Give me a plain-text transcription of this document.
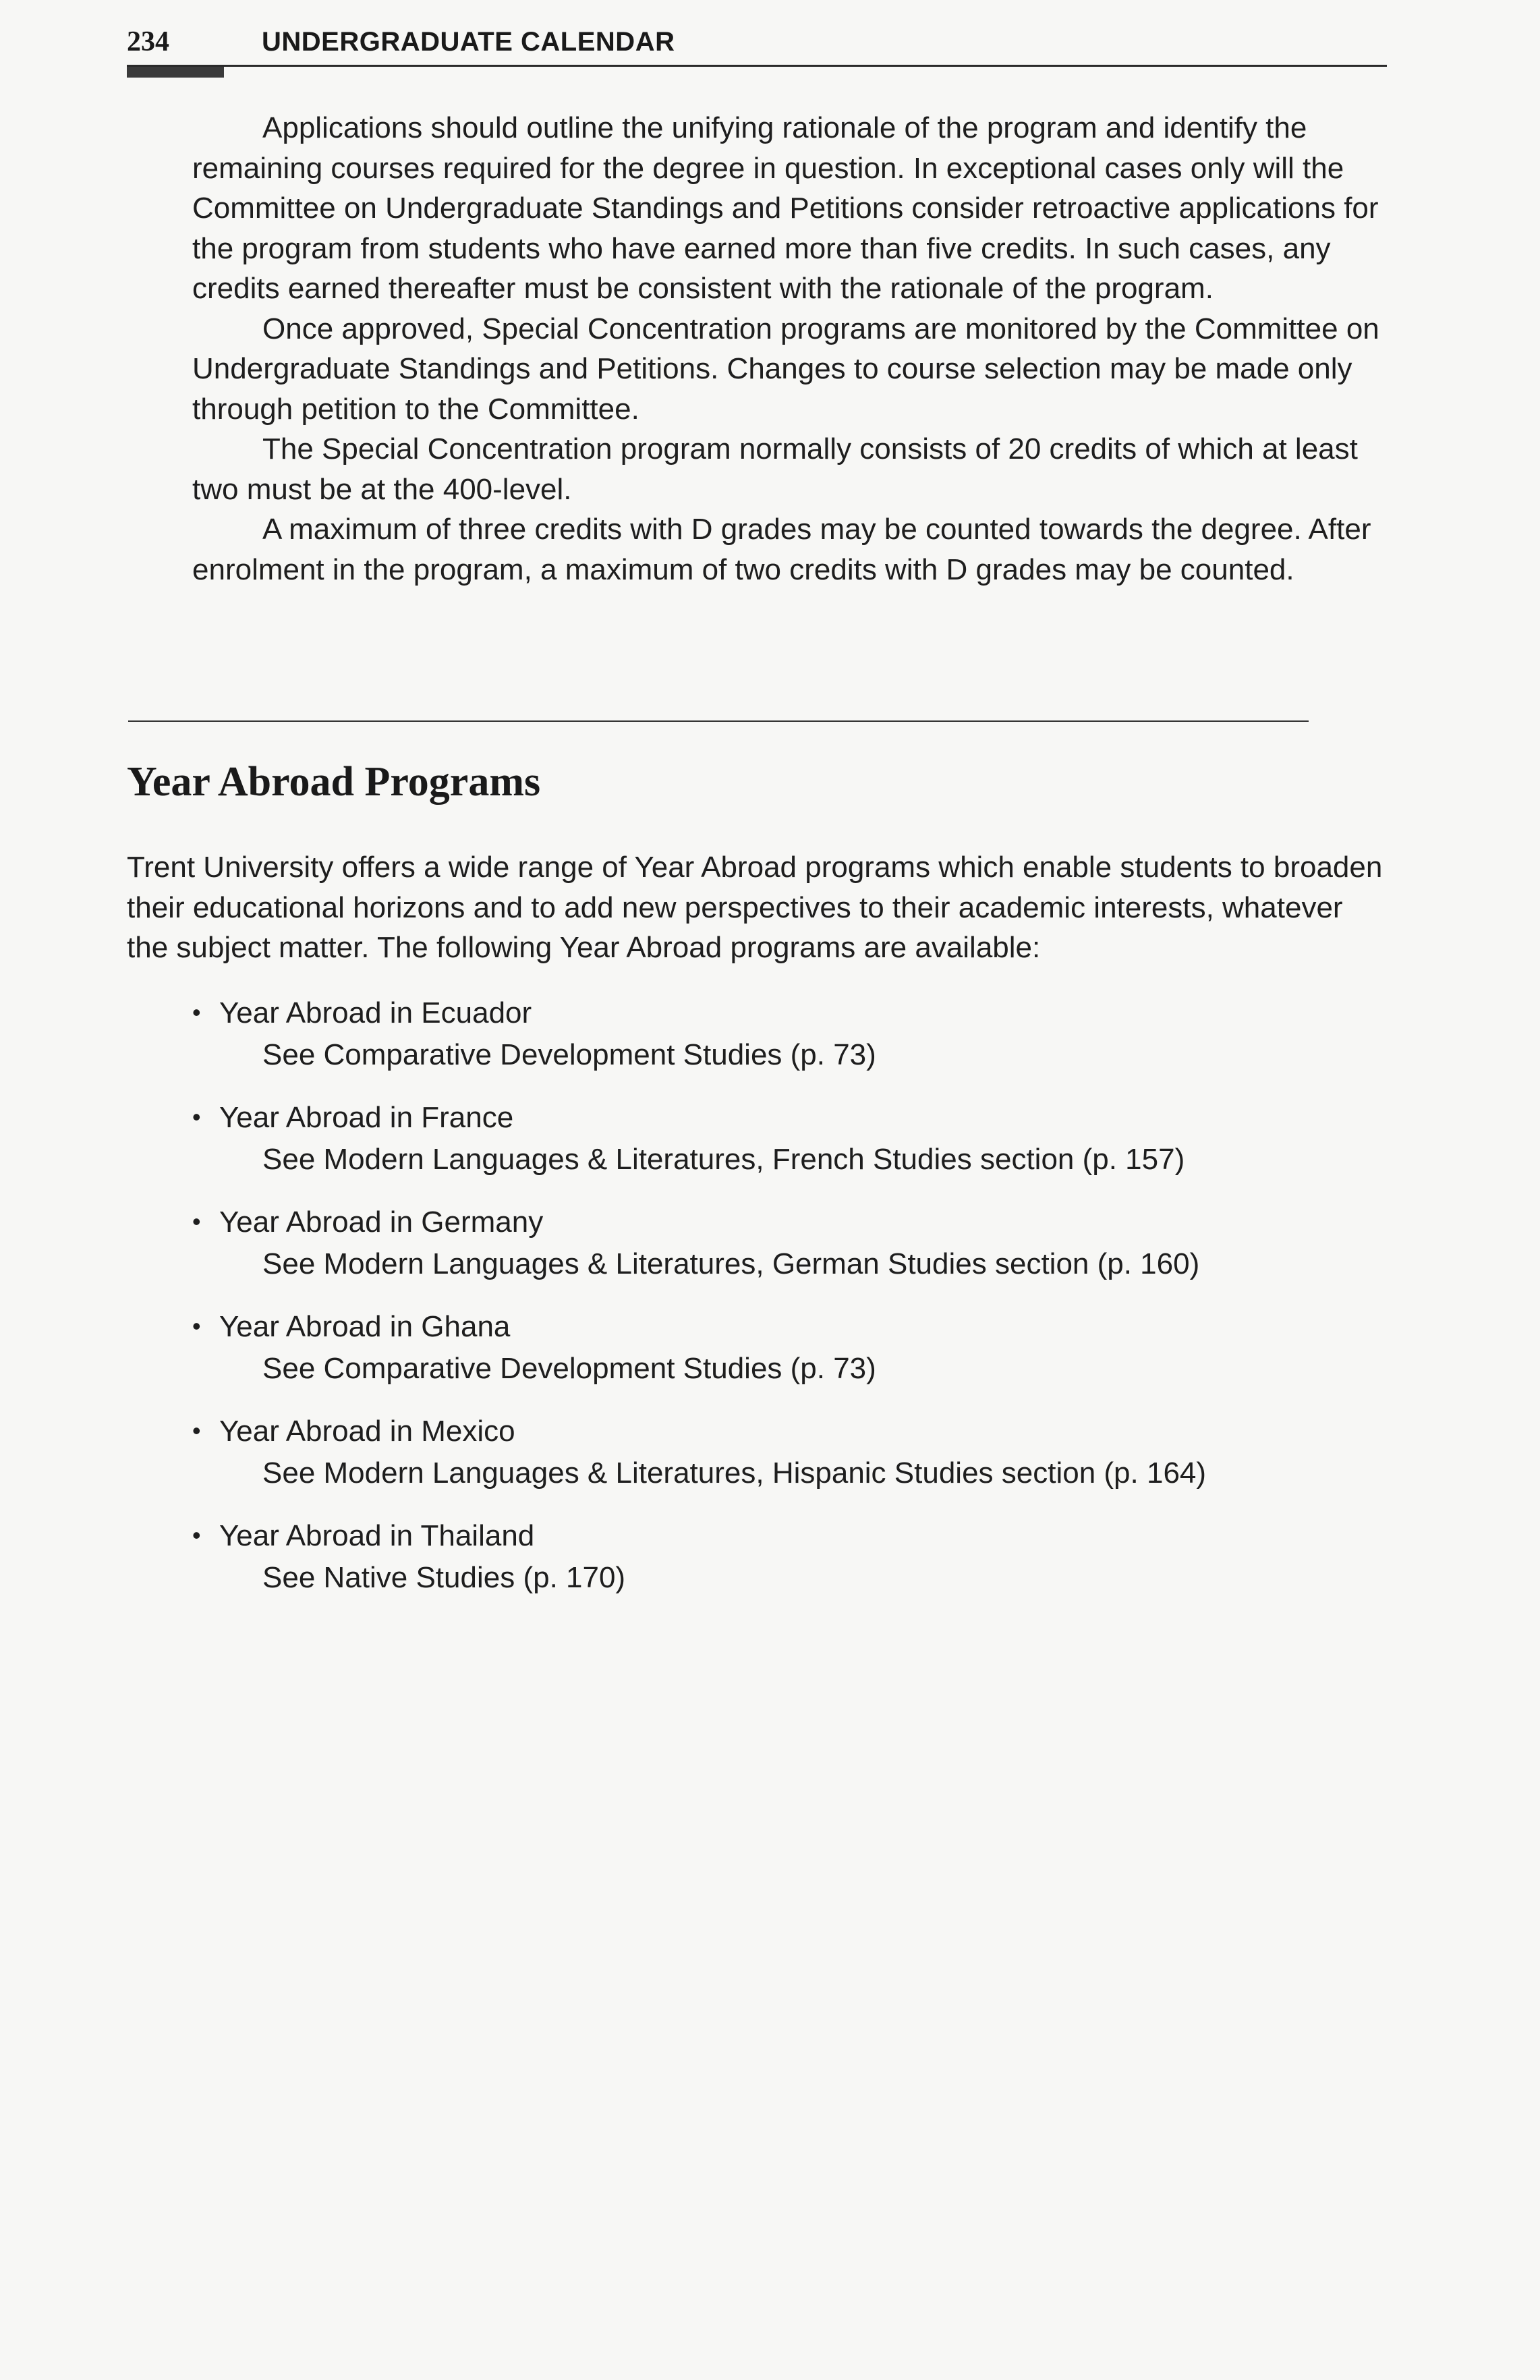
234	UNDERGRADUATE CALENDAR

Applications should outline the unifying rationale of the program and identify the remaining courses required for the degree in question. In exceptional cases only will the Committee on Undergraduate Standings and Petitions consider retroactive applications for the program from students who have earned more than five credits. In such cases, any credits earned thereafter must be consistent with the rationale of the program.

Once approved, Special Concentration programs are monitored by the Committee on Undergraduate Standings and Petitions. Changes to course selection may be made only through petition to the Committee.

The Special Concentration program normally consists of 20 credits of which at least two must be at the 400-level.

A maximum of three credits with D grades may be counted towards the degree. After enrolment in the program, a maximum of two credits with D grades may be counted.

Year Abroad Programs

Trent University offers a wide range of Year Abroad programs which enable students to broaden their educational horizons and to add new perspectives to their academic interests, whatever the subject matter. The following Year Abroad programs are available:

• Year Abroad in Ecuador
See Comparative Development Studies (p. 73)
• Year Abroad in France
See Modern Languages & Literatures, French Studies section (p. 157)
• Year Abroad in Germany
See Modern Languages & Literatures, German Studies section (p. 160)
• Year Abroad in Ghana
See Comparative Development Studies (p. 73)
• Year Abroad in Mexico
See Modern Languages & Literatures, Hispanic Studies section (p. 164)
• Year Abroad in Thailand
See Native Studies (p. 170)
